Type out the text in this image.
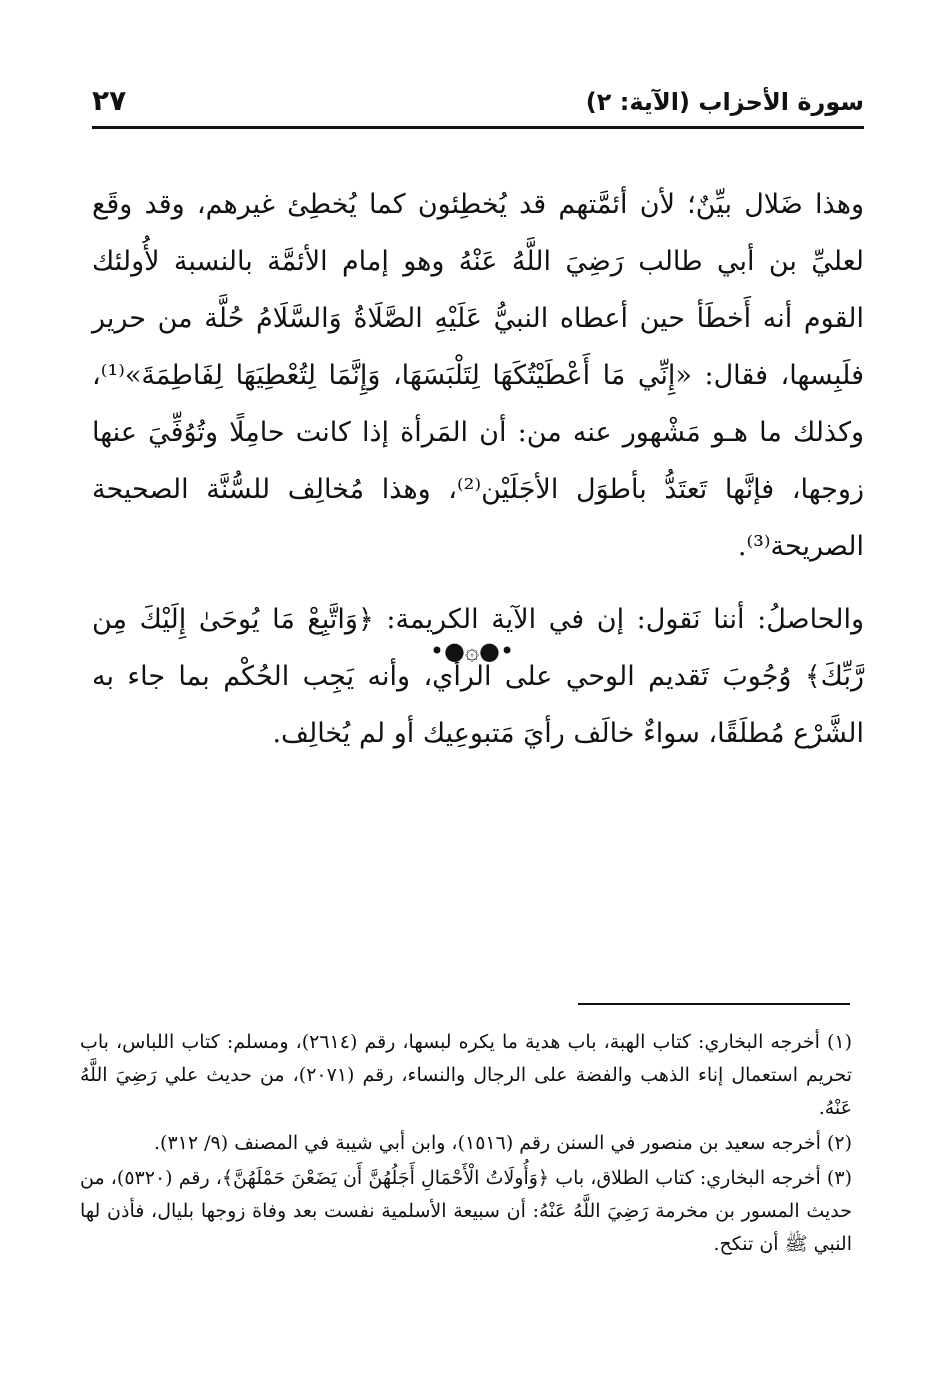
سورة الأحزاب (الآية: ٢)
٢٧

وهذا ضَلال بيِّنٌ؛ لأن أئمَّتهم قد يُخطِئون كما يُخطِئ غيرهم، وقد وقَع لعليِّ بن أبي طالب رَضِيَ اللَّهُ عَنْهُ وهو إمام الأئمَّة بالنسبة لأُولئك القوم أنه أَخطَأ حين أعطاه النبيُّ عَلَيْهِ الصَّلَاةُ وَالسَّلَامُ حُلَّة من حرير فلَبِسها، فقال: «إِنِّي مَا أَعْطَيْتُكَهَا لِتَلْبَسَهَا، وَإِنَّمَا لِتُعْطِيَهَا لِفَاطِمَةَ»⁽¹⁾، وكذلك ما هـو مَشْهور عنه من: أن المَرأة إذا كانت حامِلًا وتُوُفِّيَ عنها زوجها، فإنَّها تَعتَدُّ بأطوَل الأجَلَيْن⁽²⁾، وهذا مُخالِف للسُّنَّة الصحيحة الصريحة⁽³⁾.

والحاصلُ: أننا نَقول: إن في الآية الكريمة: ﴿وَاتَّبِعْ مَا يُوحَىٰ إِلَيْكَ مِن رَّبِّكَ﴾ وُجُوبَ تَقديم الوحي على الرأي، وأنه يَجِب الحُكْم بما جاء به الشَّرْع مُطلَقًا، سواءٌ خالَف رأيَ مَتبوعِيك أو لم يُخالِف.

•●۞●•

(١) أخرجه البخاري: كتاب الهبة، باب هدية ما يكره لبسها، رقم (٢٦١٤)، ومسلم: كتاب اللباس، باب تحريم استعمال إناء الذهب والفضة على الرجال والنساء، رقم (٢٠٧١)، من حديث علي رَضِيَ اللَّهُ عَنْهُ.

(٢) أخرجه سعيد بن منصور في السنن رقم (١٥١٦)، وابن أبي شيبة في المصنف (٩/ ٣١٢).

(٣) أخرجه البخاري: كتاب الطلاق، باب ﴿وَأُولَاتُ الْأَحْمَالِ أَجَلُهُنَّ أَن يَضَعْنَ حَمْلَهُنَّ﴾، رقم (٥٣٢٠)، من حديث المسور بن مخرمة رَضِيَ اللَّهُ عَنْهُ: أن سبيعة الأسلمية نفست بعد وفاة زوجها بليال، فأذن لها النبي ﷺ أن تنكح.
